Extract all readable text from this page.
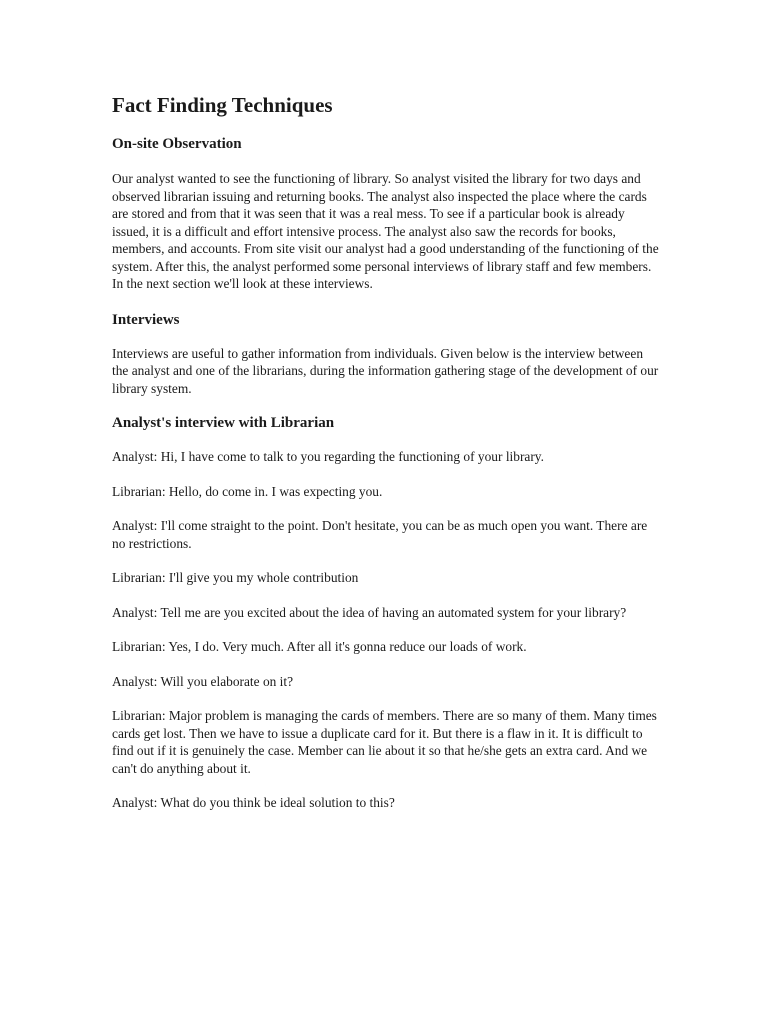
Fact Finding Techniques
On-site Observation

Our analyst wanted to see the functioning of library. So analyst visited the library for two days and observed librarian issuing and returning books. The analyst also inspected the place where the cards are stored and from that it was seen that it was a real mess. To see if a particular book is already issued, it is a difficult and effort intensive process. The analyst also saw the records for books, members, and accounts. From site visit our analyst had a good understanding of the functioning of the system. After this, the analyst performed some personal interviews of library staff and few members. In the next section we'll look at these interviews.

Interviews

Interviews are useful to gather information from individuals. Given below is the interview between the analyst and one of the librarians, during the information gathering stage of the development of our library system.

Analyst's interview with Librarian

Analyst: Hi, I have come to talk to you regarding the functioning of your library.

Librarian: Hello, do come in. I was expecting you.

Analyst: I'll come straight to the point. Don't hesitate, you can be as much open you want. There are no restrictions.

Librarian: I'll give you my whole contribution

Analyst: Tell me are you excited about the idea of having an automated system for your library?

Librarian: Yes, I do. Very much. After all it's gonna reduce our loads of work.

Analyst: Will you elaborate on it?

Librarian: Major problem is managing the cards of members. There are so many of them. Many times cards get lost. Then we have to issue a duplicate card for it. But there is a flaw in it. It is difficult to find out if it is genuinely the case. Member can lie about it so that he/she gets an extra card. And we can't do anything about it.

Analyst: What do you think be ideal solution to this?
